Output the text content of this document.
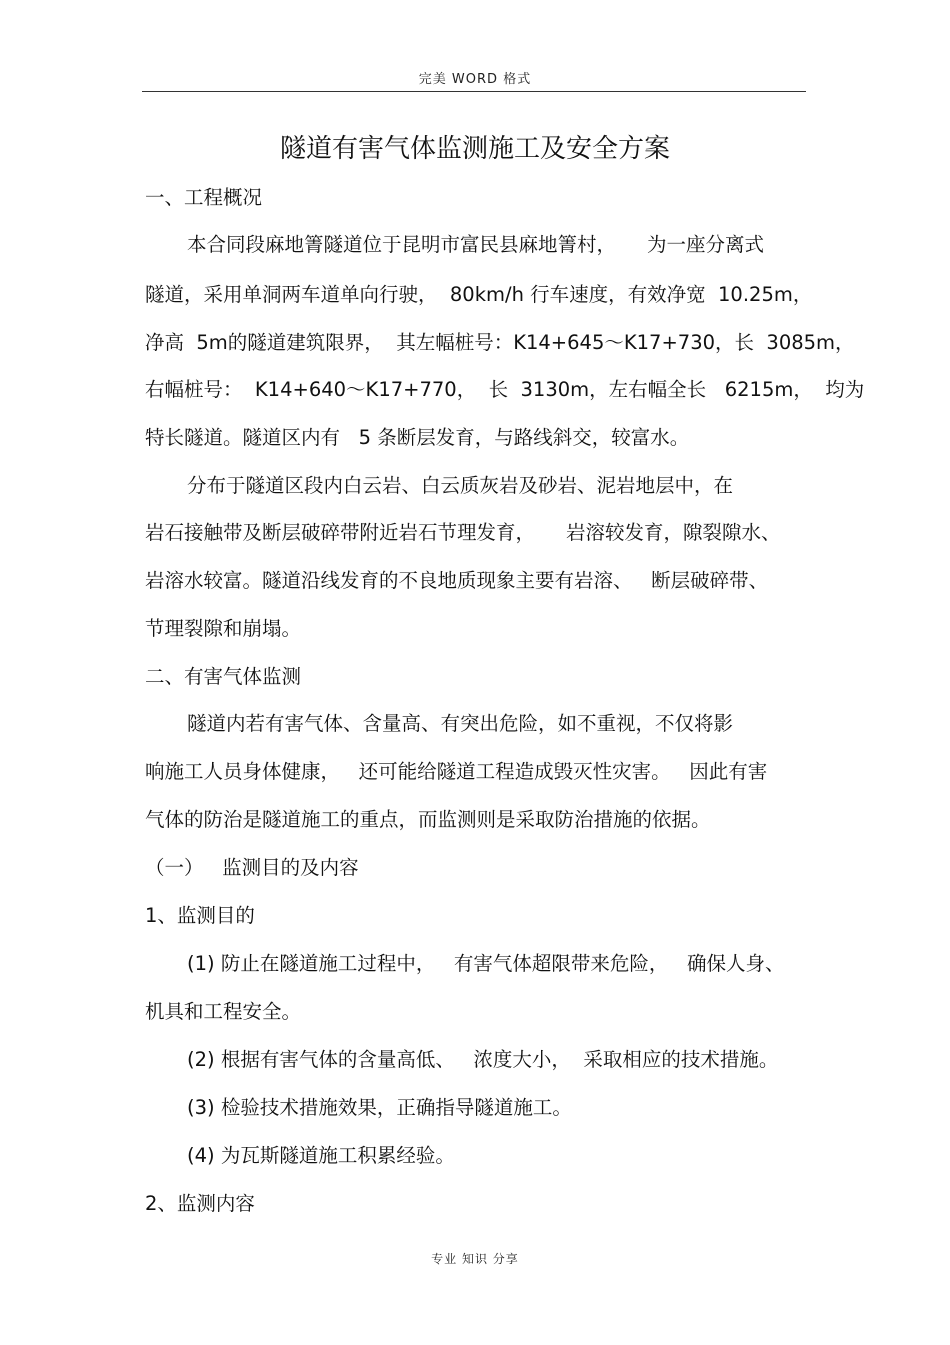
完美 WORD 格式
隧道有害气体监测施工及安全方案
一、工程概况
本合同段麻地箐隧道位于昆明市富民县麻地箐村，     为一座分离式
隧道，采用单洞两车道单向行驶，  80km/h 行车速度，有效净宽  10.25m，
净高  5m的隧道建筑限界，  其左幅桩号：K14+645～K17+730，长  3085m，
右幅桩号：  K14+640～K17+770，  长  3130m，左右幅全长   6215m，  均为
特长隧道。隧道区内有   5 条断层发育，与路线斜交，较富水。
分布于隧道区段内白云岩、白云质灰岩及砂岩、泥岩地层中，在
岩石接触带及断层破碎带附近岩石节理发育，     岩溶较发育，隙裂隙水、
岩溶水较富。隧道沿线发育的不良地质现象主要有岩溶、   断层破碎带、
节理裂隙和崩塌。
二、有害气体监测
隧道内若有害气体、含量高、有突出危险，如不重视，不仅将影
响施工人员身体健康，   还可能给隧道工程造成毁灭性灾害。   因此有害
气体的防治是隧道施工的重点，而监测则是采取防治措施的依据。
（一）   监测目的及内容
1、监测目的
(1) 防止在隧道施工过程中，   有害气体超限带来危险，   确保人身、
机具和工程安全。
(2) 根据有害气体的含量高低、   浓度大小，  采取相应的技术措施。
(3) 检验技术措施效果，正确指导隧道施工。
(4) 为瓦斯隧道施工积累经验。
2、监测内容
专业 知识 分享
